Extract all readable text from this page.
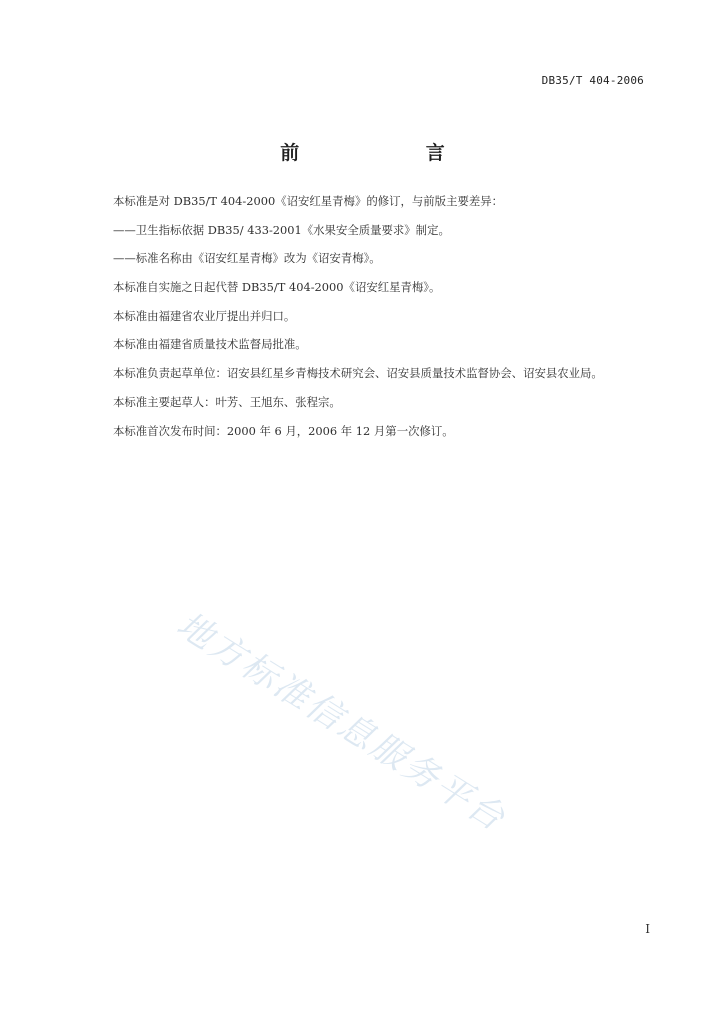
DB35/T 404-2006
前 言
本标准是对 DB35/T 404-2000《诏安红星青梅》的修订，与前版主要差异：
——卫生指标依据 DB35/ 433-2001《水果安全质量要求》制定。
——标准名称由《诏安红星青梅》改为《诏安青梅》。
本标准自实施之日起代替 DB35/T 404-2000《诏安红星青梅》。
本标准由福建省农业厅提出并归口。
本标准由福建省质量技术监督局批准。
本标准负责起草单位：诏安县红星乡青梅技术研究会、诏安县质量技术监督协会、诏安县农业局。
本标准主要起草人：叶芳、王旭东、张程宗。
本标准首次发布时间：2000 年 6 月，2006 年 12 月第一次修订。
地方标准信息服务平台
I
